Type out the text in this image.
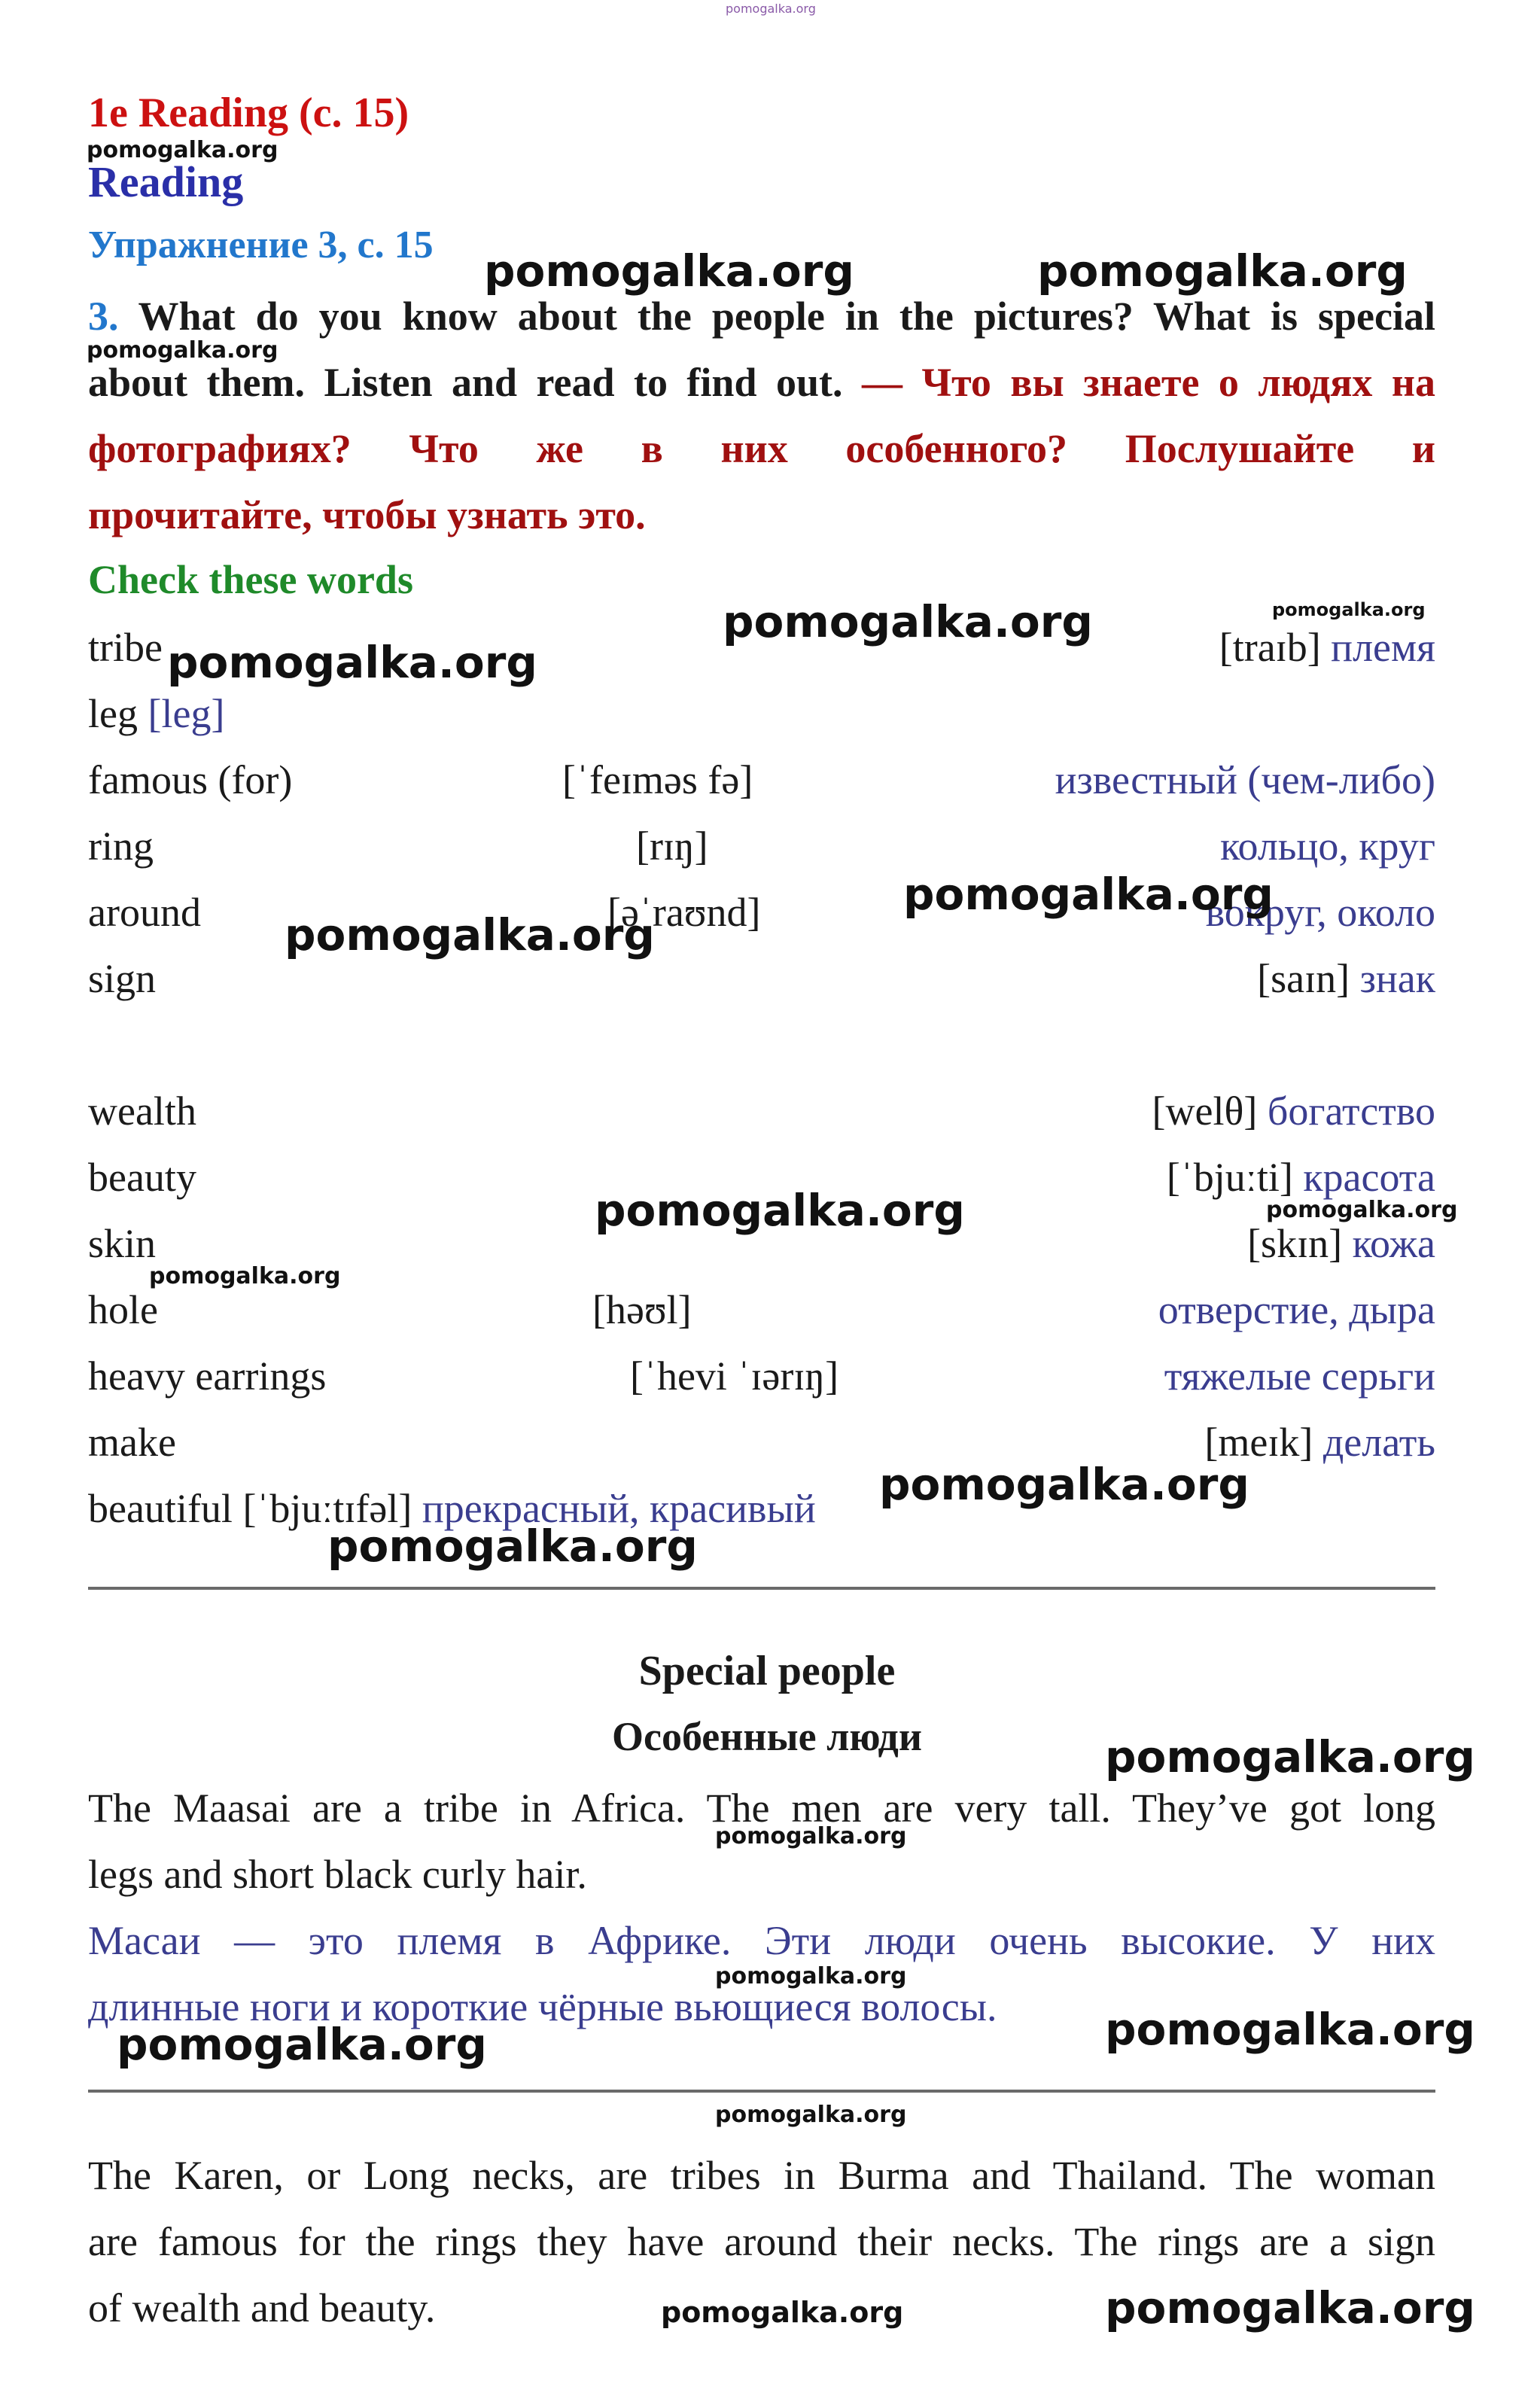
pomogalka.org
1e Reading (с. 15)
pomogalka.org
Reading
Упражнение 3, с. 15
pomogalka.org	pomogalka.org
3. What do you know about the people in the pictures? What is special
pomogalka.org
about them. Listen and read to find out. — Что вы знаете о людях на
фотографиях? Что же в них особенного? Послушайте и
прочитайте, чтобы узнать это.
Check these words
tribe	[traɪb] племя
pomogalka.org	pomogalka.org
pomogalka.org
leg [leg]
famous (for)	[ˈfeɪməs fə]	известный (чем-либо)
ring	[rɪŋ]	кольцо, круг
around	[əˈraʊnd]	вокруг, около
pomogalka.org
pomogalka.org
sign	[saɪn] знак
wealth	[welθ] богатство
beauty	[ˈbjuːti] красота
pomogalka.org	pomogalka.org
skin	[skɪn] кожа
pomogalka.org
hole	[həʊl]	отверстие, дыра
heavy earrings	[ˈhevi ˈɪərɪŋ]	тяжелые серьги
make	[meɪk] делать
beautiful [ˈbjuːtɪfəl] прекрасный, красивый pomogalka.org
pomogalka.org
Special people
Особенные люди	pomogalka.org
The Maasai are a tribe in Africa. The men are very tall. They’ve got long
pomogalka.org
legs and short black curly hair.
Масаи — это племя в Африке. Эти люди очень высокие. У них
pomogalka.org
длинные ноги и короткие чёрные вьющиеся волосы. pomogalka.org
pomogalka.org
pomogalka.org
The Karen, or Long necks, are tribes in Burma and Thailand. The woman
are famous for the rings they have around their necks. The rings are a sign
of wealth and beauty.	pomogalka.org	pomogalka.org
